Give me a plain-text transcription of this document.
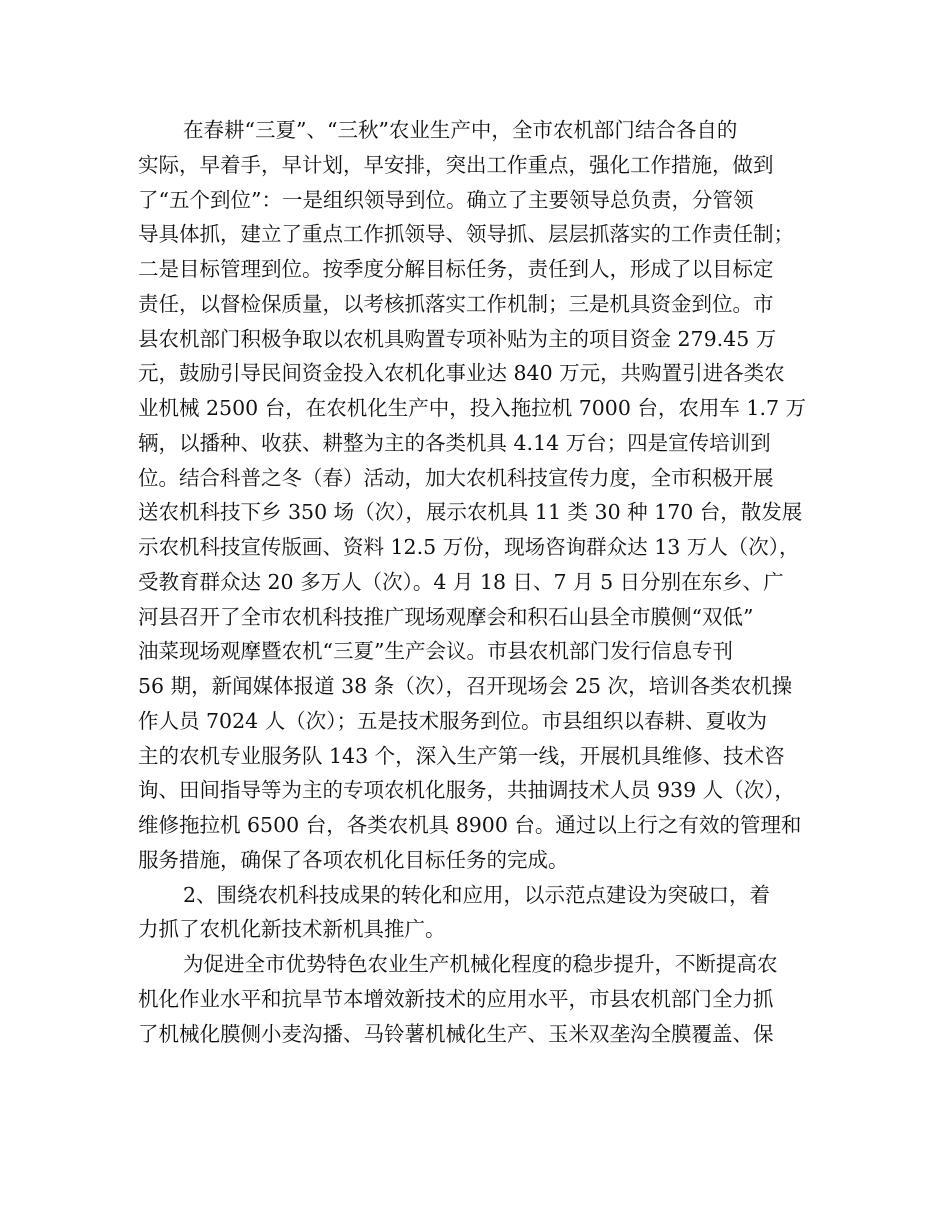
在春耕“三夏”、“三秋”农业生产中，全市农机部门结合各自的
实际，早着手，早计划，早安排，突出工作重点，强化工作措施，做到
了“五个到位”：一是组织领导到位。确立了主要领导总负责，分管领
导具体抓，建立了重点工作抓领导、领导抓、层层抓落实的工作责任制；
二是目标管理到位。按季度分解目标任务，责任到人，形成了以目标定
责任，以督检保质量，以考核抓落实工作机制；三是机具资金到位。市
县农机部门积极争取以农机具购置专项补贴为主的项目资金 279.45 万
元，鼓励引导民间资金投入农机化事业达 840 万元，共购置引进各类农
业机械 2500 台，在农机化生产中，投入拖拉机 7000 台，农用车 1.7 万
辆，以播种、收获、耕整为主的各类机具 4.14 万台；四是宣传培训到
位。结合科普之冬（春）活动，加大农机科技宣传力度，全市积极开展
送农机科技下乡 350 场（次），展示农机具 11 类 30 种 170 台，散发展
示农机科技宣传版画、资料 12.5 万份，现场咨询群众达 13 万人（次），
受教育群众达 20 多万人（次）。4 月 18 日、7 月 5 日分别在东乡、广
河县召开了全市农机科技推广现场观摩会和积石山县全市膜侧“双低”
油菜现场观摩暨农机“三夏”生产会议。市县农机部门发行信息专刊
56 期，新闻媒体报道 38 条（次），召开现场会 25 次，培训各类农机操
作人员 7024 人（次）；五是技术服务到位。市县组织以春耕、夏收为
主的农机专业服务队 143 个，深入生产第一线，开展机具维修、技术咨
询、田间指导等为主的专项农机化服务，共抽调技术人员 939 人（次），
维修拖拉机 6500 台，各类农机具 8900 台。通过以上行之有效的管理和
服务措施，确保了各项农机化目标任务的完成。
2、围绕农机科技成果的转化和应用，以示范点建设为突破口，着
力抓了农机化新技术新机具推广。
为促进全市优势特色农业生产机械化程度的稳步提升，不断提高农
机化作业水平和抗旱节本增效新技术的应用水平，市县农机部门全力抓
了机械化膜侧小麦沟播、马铃薯机械化生产、玉米双垄沟全膜覆盖、保
